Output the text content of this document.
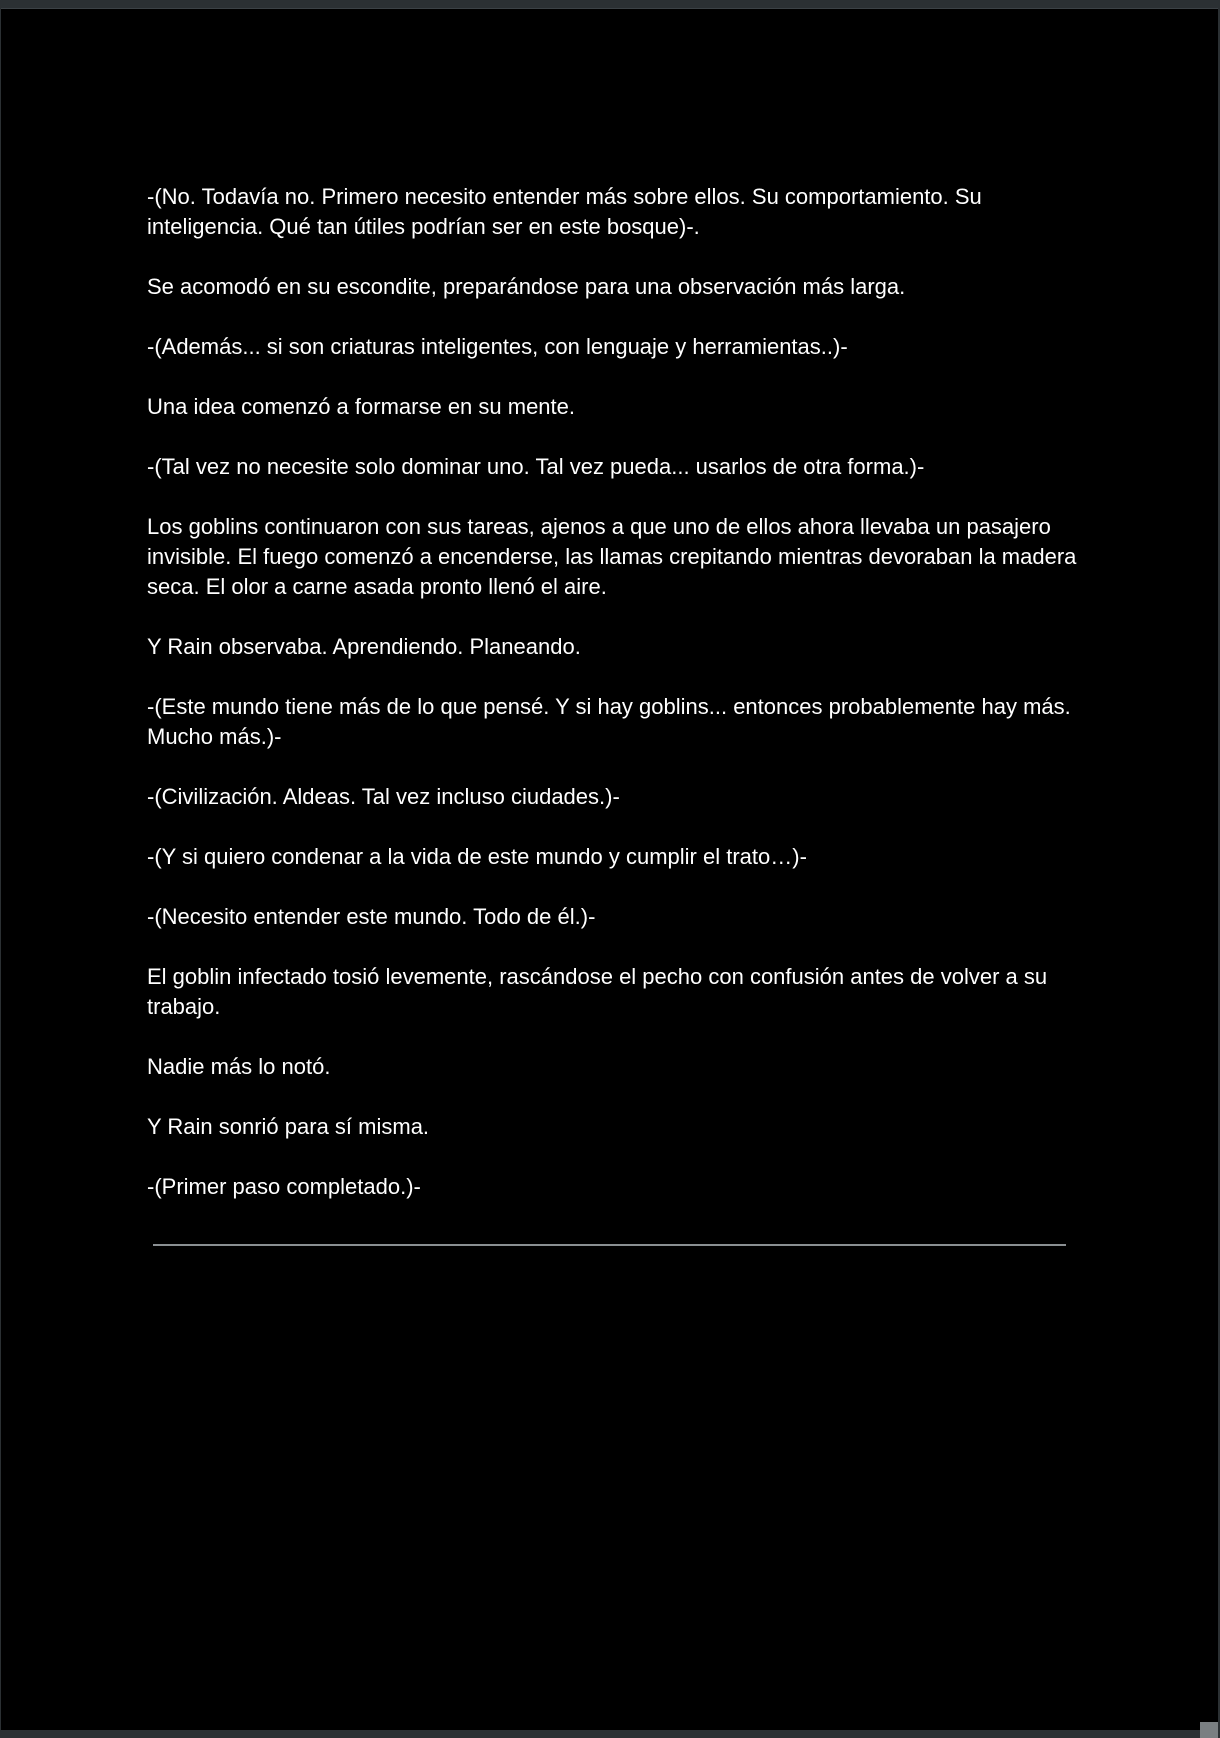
-(No. Todavía no. Primero necesito entender más sobre ellos. Su comportamiento. Su inteligencia. Qué tan útiles podrían ser en este bosque)-.

Se acomodó en su escondite, preparándose para una observación más larga.

-(Además... si son criaturas inteligentes, con lenguaje y herramientas..)-

Una idea comenzó a formarse en su mente.

-(Tal vez no necesite solo dominar uno. Tal vez pueda... usarlos de otra forma.)-

Los goblins continuaron con sus tareas, ajenos a que uno de ellos ahora llevaba un pasajero invisible. El fuego comenzó a encenderse, las llamas crepitando mientras devoraban la madera seca. El olor a carne asada pronto llenó el aire.

Y Rain observaba. Aprendiendo. Planeando.

-(Este mundo tiene más de lo que pensé. Y si hay goblins... entonces probablemente hay más. Mucho más.)-

-(Civilización. Aldeas. Tal vez incluso ciudades.)-

-(Y si quiero condenar a la vida de este mundo y cumplir el trato…)-

-(Necesito entender este mundo. Todo de él.)-

El goblin infectado tosió levemente, rascándose el pecho con confusión antes de volver a su trabajo.

Nadie más lo notó.

Y Rain sonrió para sí misma.

-(Primer paso completado.)-
